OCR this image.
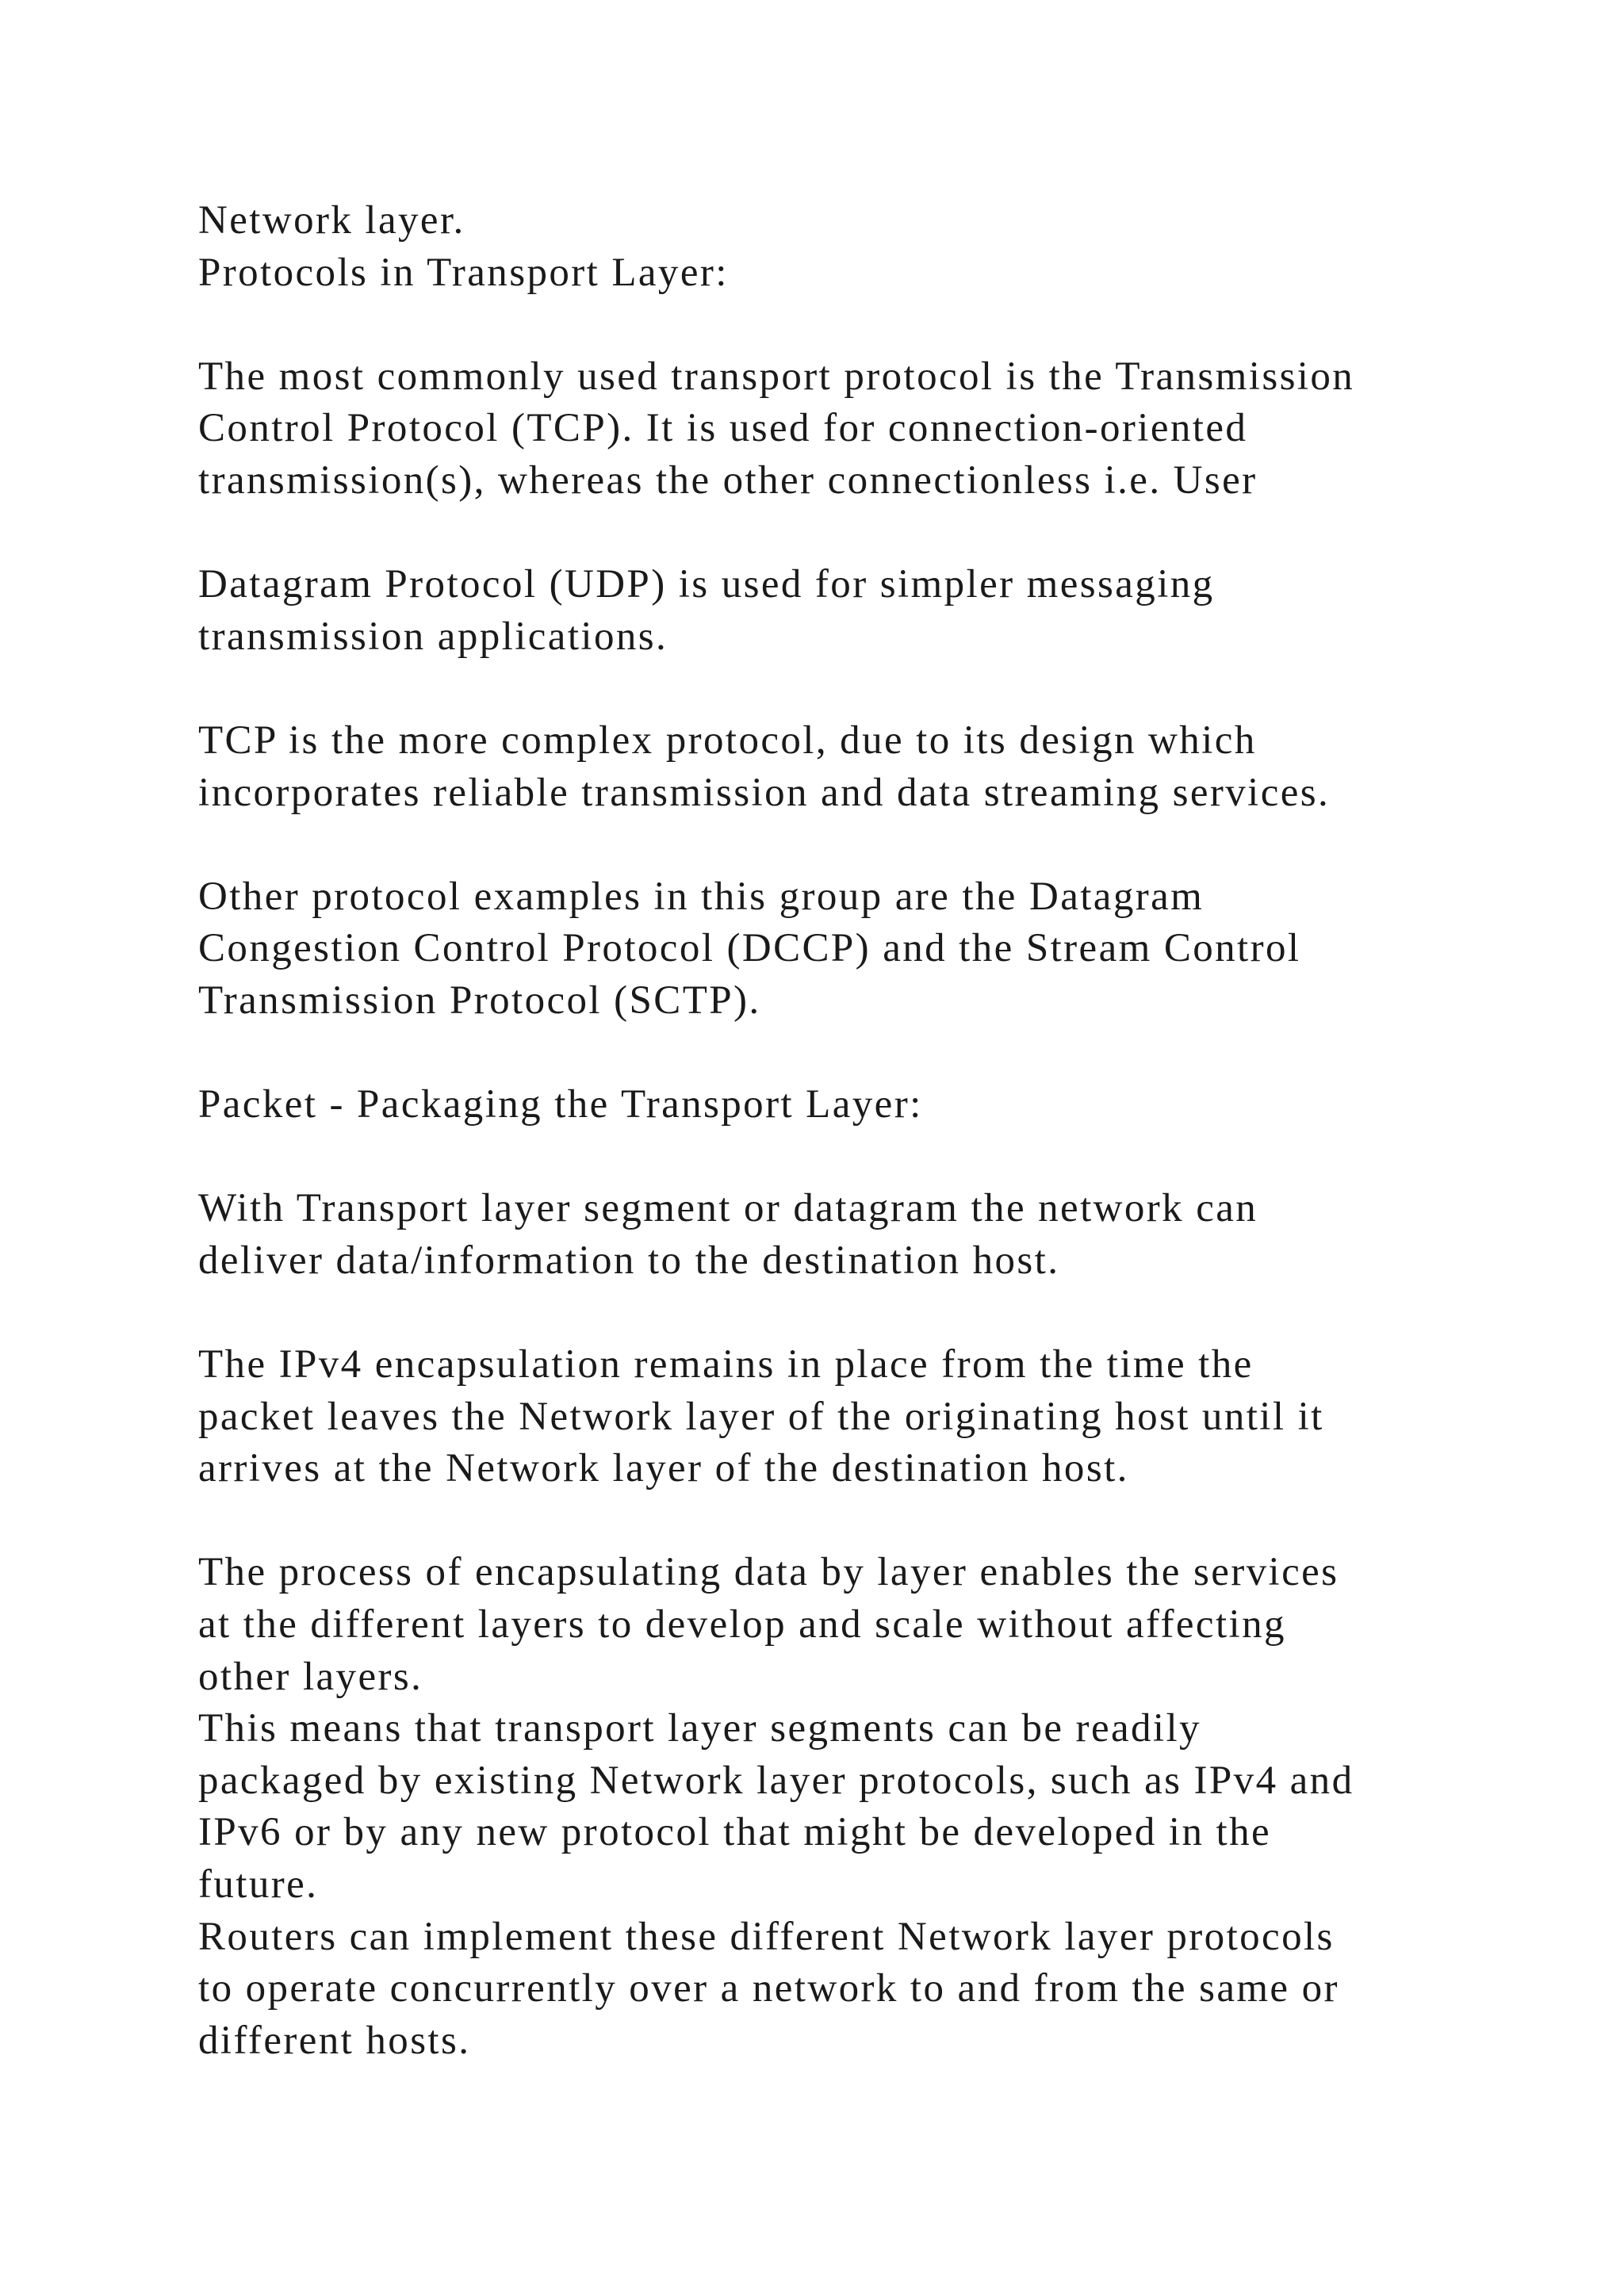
Network layer.
Protocols in Transport Layer:
The most commonly used transport protocol is the Transmission
Control Protocol (TCP). It is used for connection-oriented
transmission(s), whereas the other connectionless i.e. User
Datagram Protocol (UDP) is used for simpler messaging
transmission applications.
TCP is the more complex protocol, due to its design which
incorporates reliable transmission and data streaming services.
Other protocol examples in this group are the Datagram
Congestion Control Protocol (DCCP) and the Stream Control
Transmission Protocol (SCTP).
Packet - Packaging the Transport Layer:
With Transport layer segment or datagram the network can
deliver data/information to the destination host.
The IPv4 encapsulation remains in place from the time the
packet leaves the Network layer of the originating host until it
arrives at the Network layer of the destination host.
The process of encapsulating data by layer enables the services
at the different layers to develop and scale without affecting
other layers.
This means that transport layer segments can be readily
packaged by existing Network layer protocols, such as IPv4 and
IPv6 or by any new protocol that might be developed in the
future.
Routers can implement these different Network layer protocols
to operate concurrently over a network to and from the same or
different hosts.
